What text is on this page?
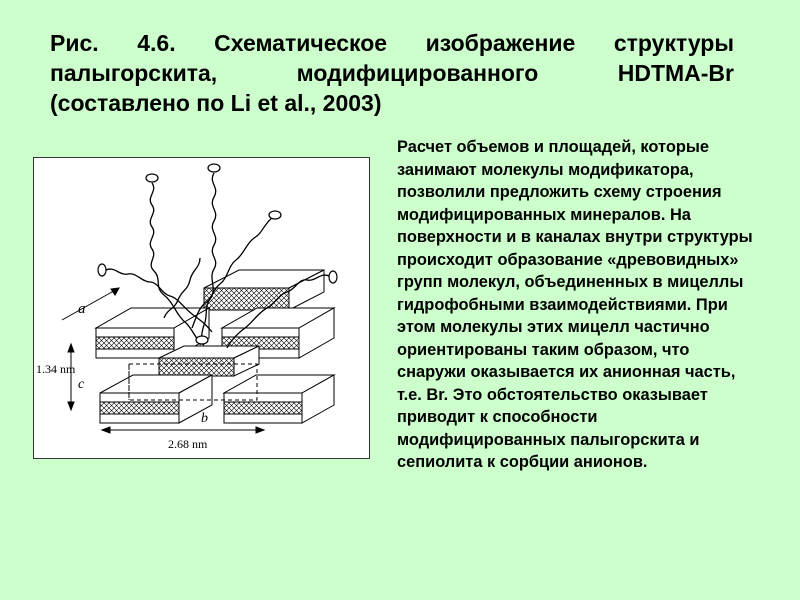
Рис. 4.6. Схематическое изображение структуры палыгорскита, модифицированного HDTMA-Br (составлено по Li et al., 2003)
a
1.34 nm
c
b
2.68 nm
Расчет объемов и площадей, которые занимают молекулы модификатора, позволили предложить схему строения модифицированных минералов. На поверхности и в каналах внутри структуры происходит образование «древовидных» групп молекул, объединенных в мицеллы гидрофобными взаимодействиями. При этом молекулы этих мицелл частично ориентированы таким образом, что снаружи оказывается их анионная часть, т.е. Br. Это обстоятельство оказывает приводит к способности модифицированных палыгорскита и сепиолита к сорбции анионов.
